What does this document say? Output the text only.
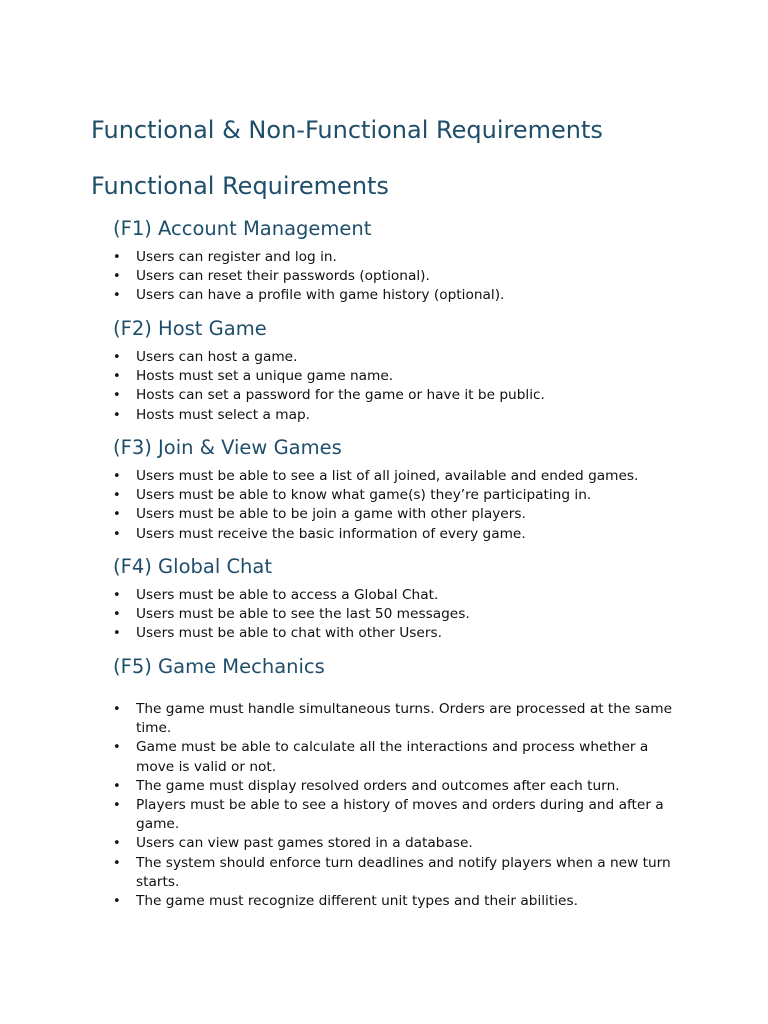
Functional & Non-Functional Requirements
Functional Requirements
(F1) Account Management
• Users can register and log in.
• Users can reset their passwords (optional).
• Users can have a profile with game history (optional).
(F2) Host Game
• Users can host a game.
• Hosts must set a unique game name.
• Hosts can set a password for the game or have it be public.
• Hosts must select a map.
(F3) Join & View Games
• Users must be able to see a list of all joined, available and ended games.
• Users must be able to know what game(s) they’re participating in.
• Users must be able to be join a game with other players.
• Users must receive the basic information of every game.
(F4) Global Chat
• Users must be able to access a Global Chat.
• Users must be able to see the last 50 messages.
• Users must be able to chat with other Users.
(F5) Game Mechanics
• The game must handle simultaneous turns. Orders are processed at the same time.
• Game must be able to calculate all the interactions and process whether a move is valid or not.
• The game must display resolved orders and outcomes after each turn.
• Players must be able to see a history of moves and orders during and after a game.
• Users can view past games stored in a database.
• The system should enforce turn deadlines and notify players when a new turn starts.
• The game must recognize different unit types and their abilities.
